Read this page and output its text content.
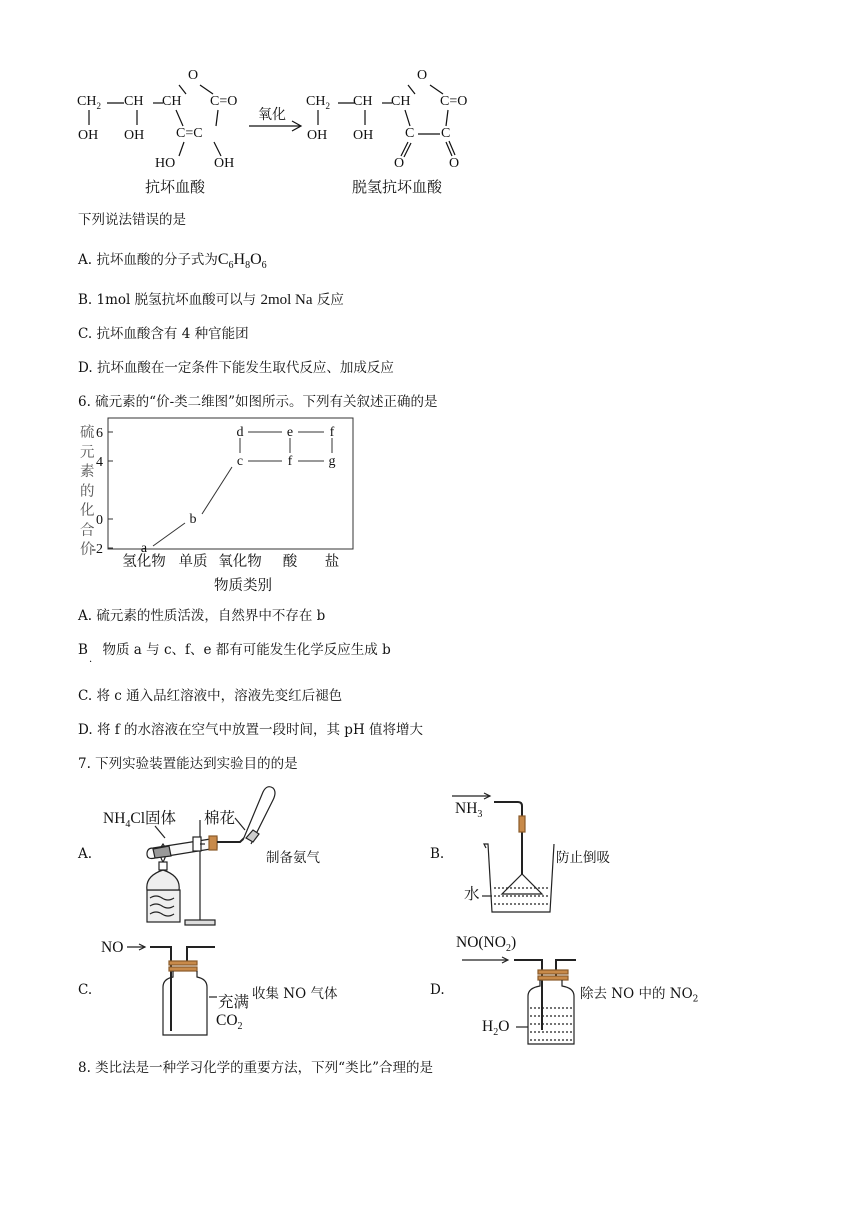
$CH_2$ CH CH
O
C=O
OH OH C=C
HO	OH
抗坏血酸
氧化
$CH_2$ CH CH
O
C=O
OH OH C C
O	O
脱氢抗坏血酸
下列说法错误的是
A. 抗坏血酸的分子式为$C_6H_8O_6$
B. 1mol 脱氢抗坏血酸可以与 2mol Na 反应
C. 抗坏血酸含有 4 种官能团
D. 抗坏血酸在一定条件下能发生取代反应、加成反应
6. 硫元素的“价-类二维图”如图所示。下列有关叙述正确的是
硫
元
素
的
化
合
价
6
4
0
-2	a
b
c
d	e
f
f
g
氢化物 单质 氧化物 酸 盐
物质类别
A. 硫元素的性质活泼，自然界中不存在 b
B 物质 a 与 c、f、e 都有可能发生化学反应生成 b
·
C. 将 c 通入品红溶液中，溶液先变红后褪色
D. 将 f 的水溶液在空气中放置一段时间，其 pH 值将增大
7. 下列实验装置能达到实验目的的是
A.
$NH_4Cl$固体 棉花
制备氨气	B.
$NH_3$
水
防止倒吸
C.
NO
充满
$CO_2$
收集 NO 气体	D.
$NO(NO_2)$
$H_2O$
除去 NO 中的 $NO_2$
8. 类比法是一种学习化学的重要方法，下列“类比”合理的是
